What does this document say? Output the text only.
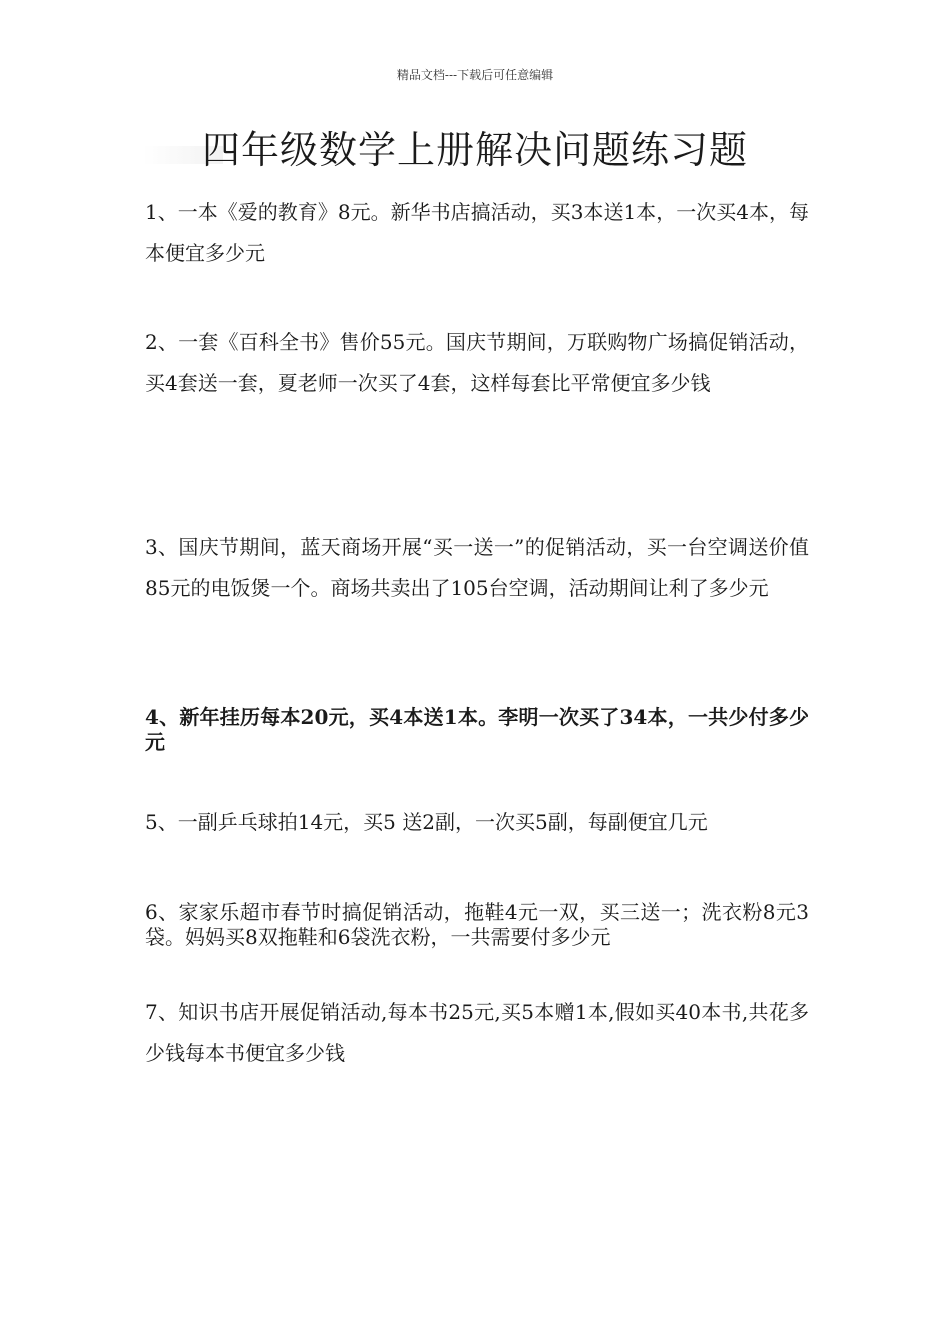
精品文档---下载后可任意编辑
四年级数学上册解决问题练习题

1、一本《爱的教育》8元。新华书店搞活动，买3本送1本，一次买4本，每本便宜多少元

2、一套《百科全书》售价55元。国庆节期间，万联购物广场搞促销活动，买4套送一套，夏老师一次买了4套，这样每套比平常便宜多少钱

3、国庆节期间，蓝天商场开展“买一送一”的促销活动，买一台空调送价值85元的电饭煲一个。商场共卖出了105台空调，活动期间让利了多少元

4、新年挂历每本20元，买4本送1本。李明一次买了34本，一共少付多少元

5、一副乒乓球拍14元，买5 送2副，一次买5副，每副便宜几元

6、家家乐超市春节时搞促销活动，拖鞋4元一双，买三送一；洗衣粉8元3袋。妈妈买8双拖鞋和6袋洗衣粉，一共需要付多少元

7、知识书店开展促销活动,每本书25元,买5本赠1本,假如买40本书,共花多少钱每本书便宜多少钱
